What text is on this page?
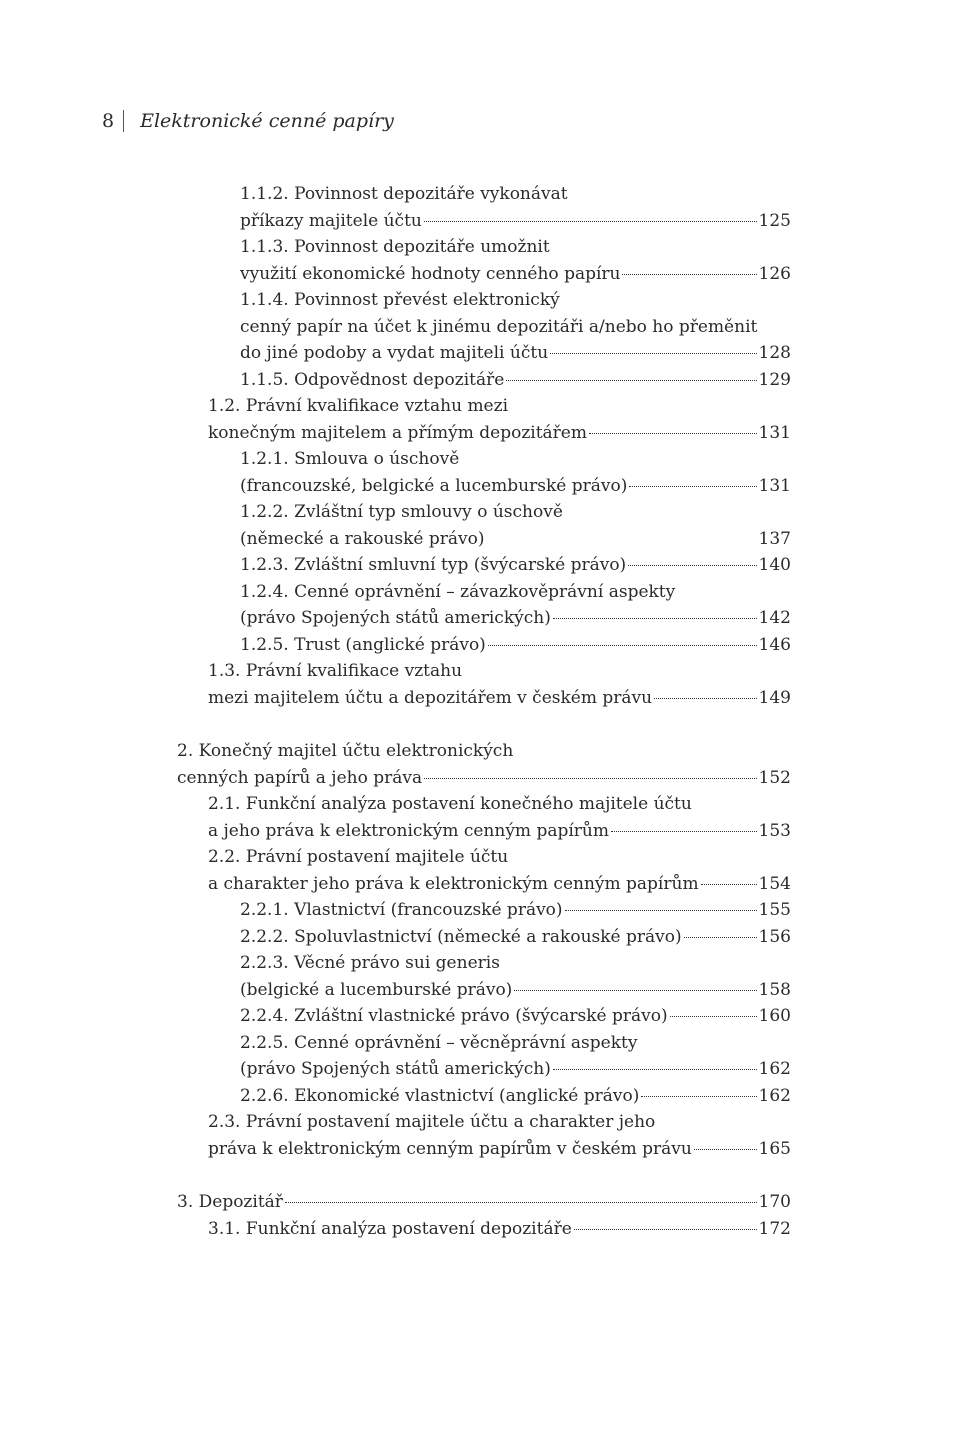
8 Elektronické cenné papíry
1.1.2. Povinnost depozitáře vykonávat
příkazy majitele účtu	125
1.1.3. Povinnost depozitáře umožnit
využití ekonomické hodnoty cenného papíru	126
1.1.4. Povinnost převést elektronický
cenný papír na účet k jinému depozitáři a/nebo ho přeměnit
do jiné podoby a vydat majiteli účtu	128
1.1.5. Odpovědnost depozitáře	129
1.2. Právní kvalifikace vztahu mezi
konečným majitelem a přímým depozitářem	131
1.2.1. Smlouva o úschově
(francouzské, belgické a lucemburské právo)	131
1.2.2. Zvláštní typ smlouvy o úschově
(německé a rakouské právo)	137
1.2.3. Zvláštní smluvní typ (švýcarské právo)	140
1.2.4. Cenné oprávnění – závazkověprávní aspekty
(právo Spojených států amerických)	142
1.2.5. Trust (anglické právo)	146
1.3. Právní kvalifikace vztahu
mezi majitelem účtu a depozitářem v českém právu	149
2. Konečný majitel účtu elektronických
cenných papírů a jeho práva	152
2.1. Funkční analýza postavení konečného majitele účtu
a jeho práva k elektronickým cenným papírům	153
2.2. Právní postavení majitele účtu
a charakter jeho práva k elektronickým cenným papírům	154
2.2.1. Vlastnictví (francouzské právo)	155
2.2.2. Spoluvlastnictví (německé a rakouské právo)	156
2.2.3. Věcné právo sui generis
(belgické a lucemburské právo)	158
2.2.4. Zvláštní vlastnické právo (švýcarské právo)	160
2.2.5. Cenné oprávnění – věcněprávní aspekty
(právo Spojených států amerických)	162
2.2.6. Ekonomické vlastnictví (anglické právo)	162
2.3. Právní postavení majitele účtu a charakter jeho
práva k elektronickým cenným papírům v českém právu	165
3. Depozitář	170
3.1. Funkční analýza postavení depozitáře	172
